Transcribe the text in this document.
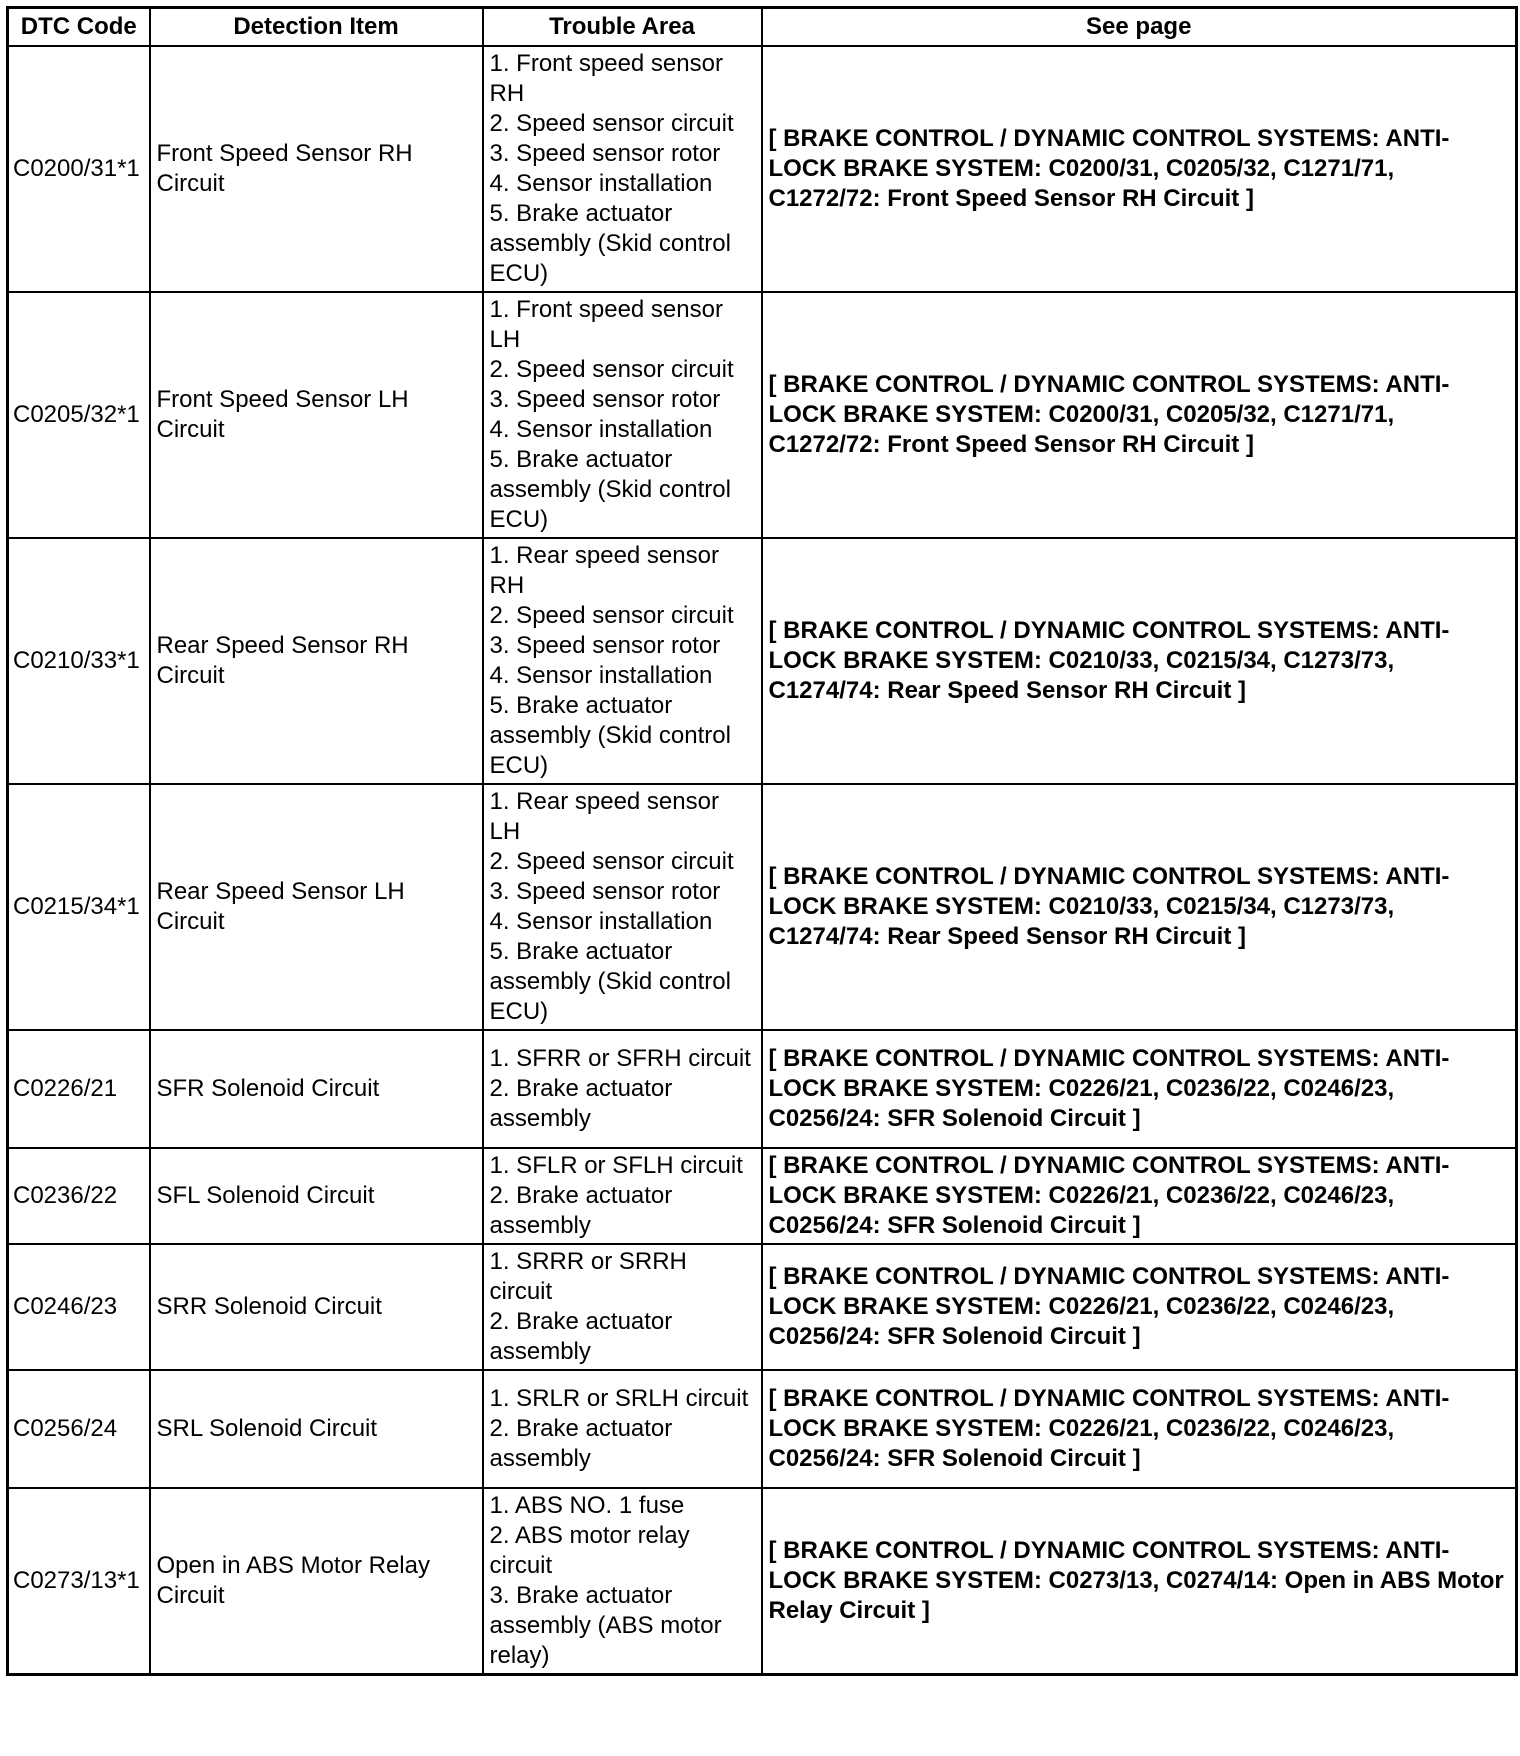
DTC Code	Detection Item	Trouble Area	See page
C0200/31*1	Front Speed Sensor RH Circuit	1. Front speed sensor RH
2. Speed sensor circuit
3. Speed sensor rotor
4. Sensor installation
5. Brake actuator assembly (Skid control ECU)	[ BRAKE CONTROL / DYNAMIC CONTROL SYSTEMS: ANTI-LOCK BRAKE SYSTEM: C0200/31, C0205/32, C1271/71, C1272/72: Front Speed Sensor RH Circuit ]
C0205/32*1	Front Speed Sensor LH Circuit	1. Front speed sensor LH
2. Speed sensor circuit
3. Speed sensor rotor
4. Sensor installation
5. Brake actuator assembly (Skid control ECU)	[ BRAKE CONTROL / DYNAMIC CONTROL SYSTEMS: ANTI-LOCK BRAKE SYSTEM: C0200/31, C0205/32, C1271/71, C1272/72: Front Speed Sensor RH Circuit ]
C0210/33*1	Rear Speed Sensor RH Circuit	1. Rear speed sensor RH
2. Speed sensor circuit
3. Speed sensor rotor
4. Sensor installation
5. Brake actuator assembly (Skid control ECU)	[ BRAKE CONTROL / DYNAMIC CONTROL SYSTEMS: ANTI-LOCK BRAKE SYSTEM: C0210/33, C0215/34, C1273/73, C1274/74: Rear Speed Sensor RH Circuit ]
C0215/34*1	Rear Speed Sensor LH Circuit	1. Rear speed sensor LH
2. Speed sensor circuit
3. Speed sensor rotor
4. Sensor installation
5. Brake actuator assembly (Skid control ECU)	[ BRAKE CONTROL / DYNAMIC CONTROL SYSTEMS: ANTI-LOCK BRAKE SYSTEM: C0210/33, C0215/34, C1273/73, C1274/74: Rear Speed Sensor RH Circuit ]
C0226/21	SFR Solenoid Circuit	1. SFRR or SFRH circuit
2. Brake actuator assembly	[ BRAKE CONTROL / DYNAMIC CONTROL SYSTEMS: ANTI-LOCK BRAKE SYSTEM: C0226/21, C0236/22, C0246/23, C0256/24: SFR Solenoid Circuit ]
C0236/22	SFL Solenoid Circuit	1. SFLR or SFLH circuit
2. Brake actuator assembly	[ BRAKE CONTROL / DYNAMIC CONTROL SYSTEMS: ANTI-LOCK BRAKE SYSTEM: C0226/21, C0236/22, C0246/23, C0256/24: SFR Solenoid Circuit ]
C0246/23	SRR Solenoid Circuit	1. SRRR or SRRH circuit
2. Brake actuator assembly	[ BRAKE CONTROL / DYNAMIC CONTROL SYSTEMS: ANTI-LOCK BRAKE SYSTEM: C0226/21, C0236/22, C0246/23, C0256/24: SFR Solenoid Circuit ]
C0256/24	SRL Solenoid Circuit	1. SRLR or SRLH circuit
2. Brake actuator assembly	[ BRAKE CONTROL / DYNAMIC CONTROL SYSTEMS: ANTI-LOCK BRAKE SYSTEM: C0226/21, C0236/22, C0246/23, C0256/24: SFR Solenoid Circuit ]
C0273/13*1	Open in ABS Motor Relay Circuit	1. ABS NO. 1 fuse
2. ABS motor relay circuit
3. Brake actuator assembly (ABS motor relay)	[ BRAKE CONTROL / DYNAMIC CONTROL SYSTEMS: ANTI-LOCK BRAKE SYSTEM: C0273/13, C0274/14: Open in ABS Motor Relay Circuit ]
